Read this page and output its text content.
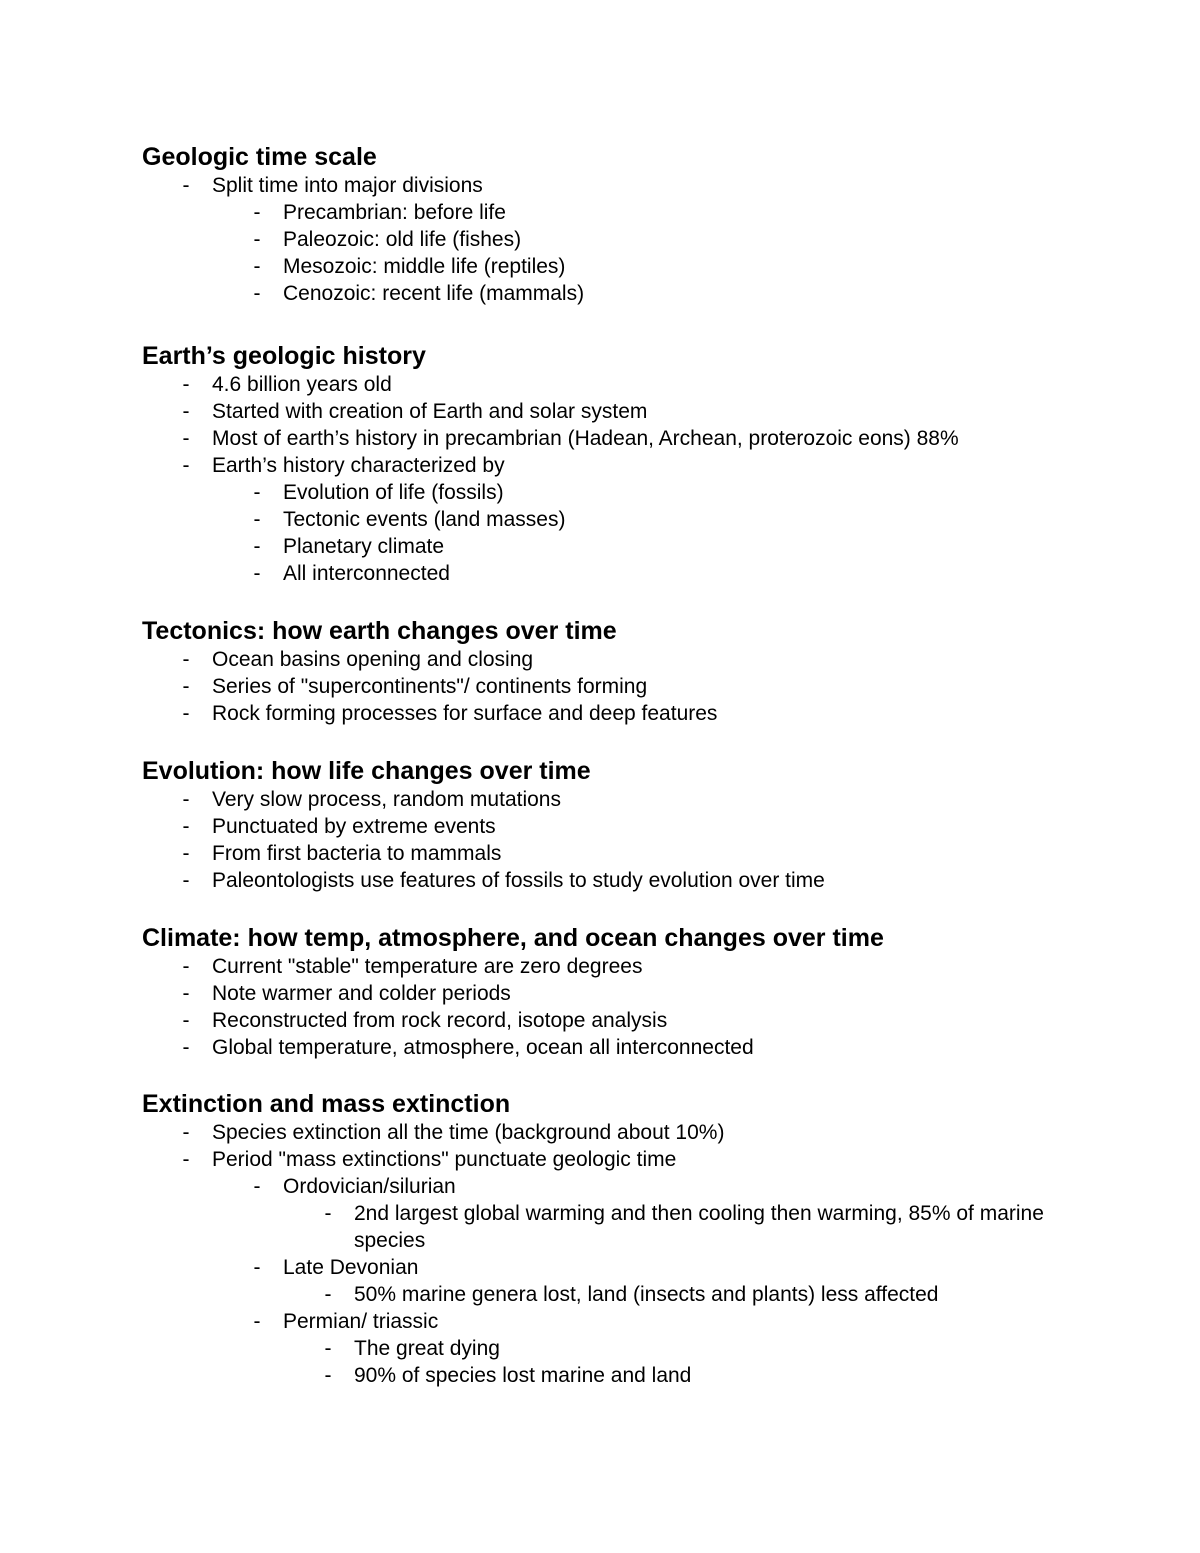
Geologic time scale
-	Split time into major divisions
-	Precambrian: before life
-	Paleozoic: old life (fishes)
-	Mesozoic: middle life (reptiles)
-	Cenozoic: recent life (mammals)
Earth’s geologic history
-	4.6 billion years old
-	Started with creation of Earth and solar system
-	Most of earth’s history in precambrian (Hadean, Archean, proterozoic eons) 88%
-	Earth’s history characterized by
-	Evolution of life (fossils)
-	Tectonic events (land masses)
-	Planetary climate
-	All interconnected
Tectonics: how earth changes over time
-	Ocean basins opening and closing
-	Series of "supercontinents"/ continents forming
-	Rock forming processes for surface and deep features
Evolution: how life changes over time
-	Very slow process, random mutations
-	Punctuated by extreme events
-	From first bacteria to mammals
-	Paleontologists use features of fossils to study evolution over time
Climate: how temp, atmosphere, and ocean changes over time
-	Current "stable" temperature are zero degrees
-	Note warmer and colder periods
-	Reconstructed from rock record, isotope analysis
-	Global temperature, atmosphere, ocean all interconnected
Extinction and mass extinction
-	Species extinction all the time (background about 10%)
-	Period "mass extinctions" punctuate geologic time
-	Ordovician/silurian
-	2nd largest global warming and then cooling then warming, 85% of marine species
-	Late Devonian
-	50% marine genera lost, land (insects and plants) less affected
-	Permian/ triassic
-	The great dying
-	90% of species lost marine and land
